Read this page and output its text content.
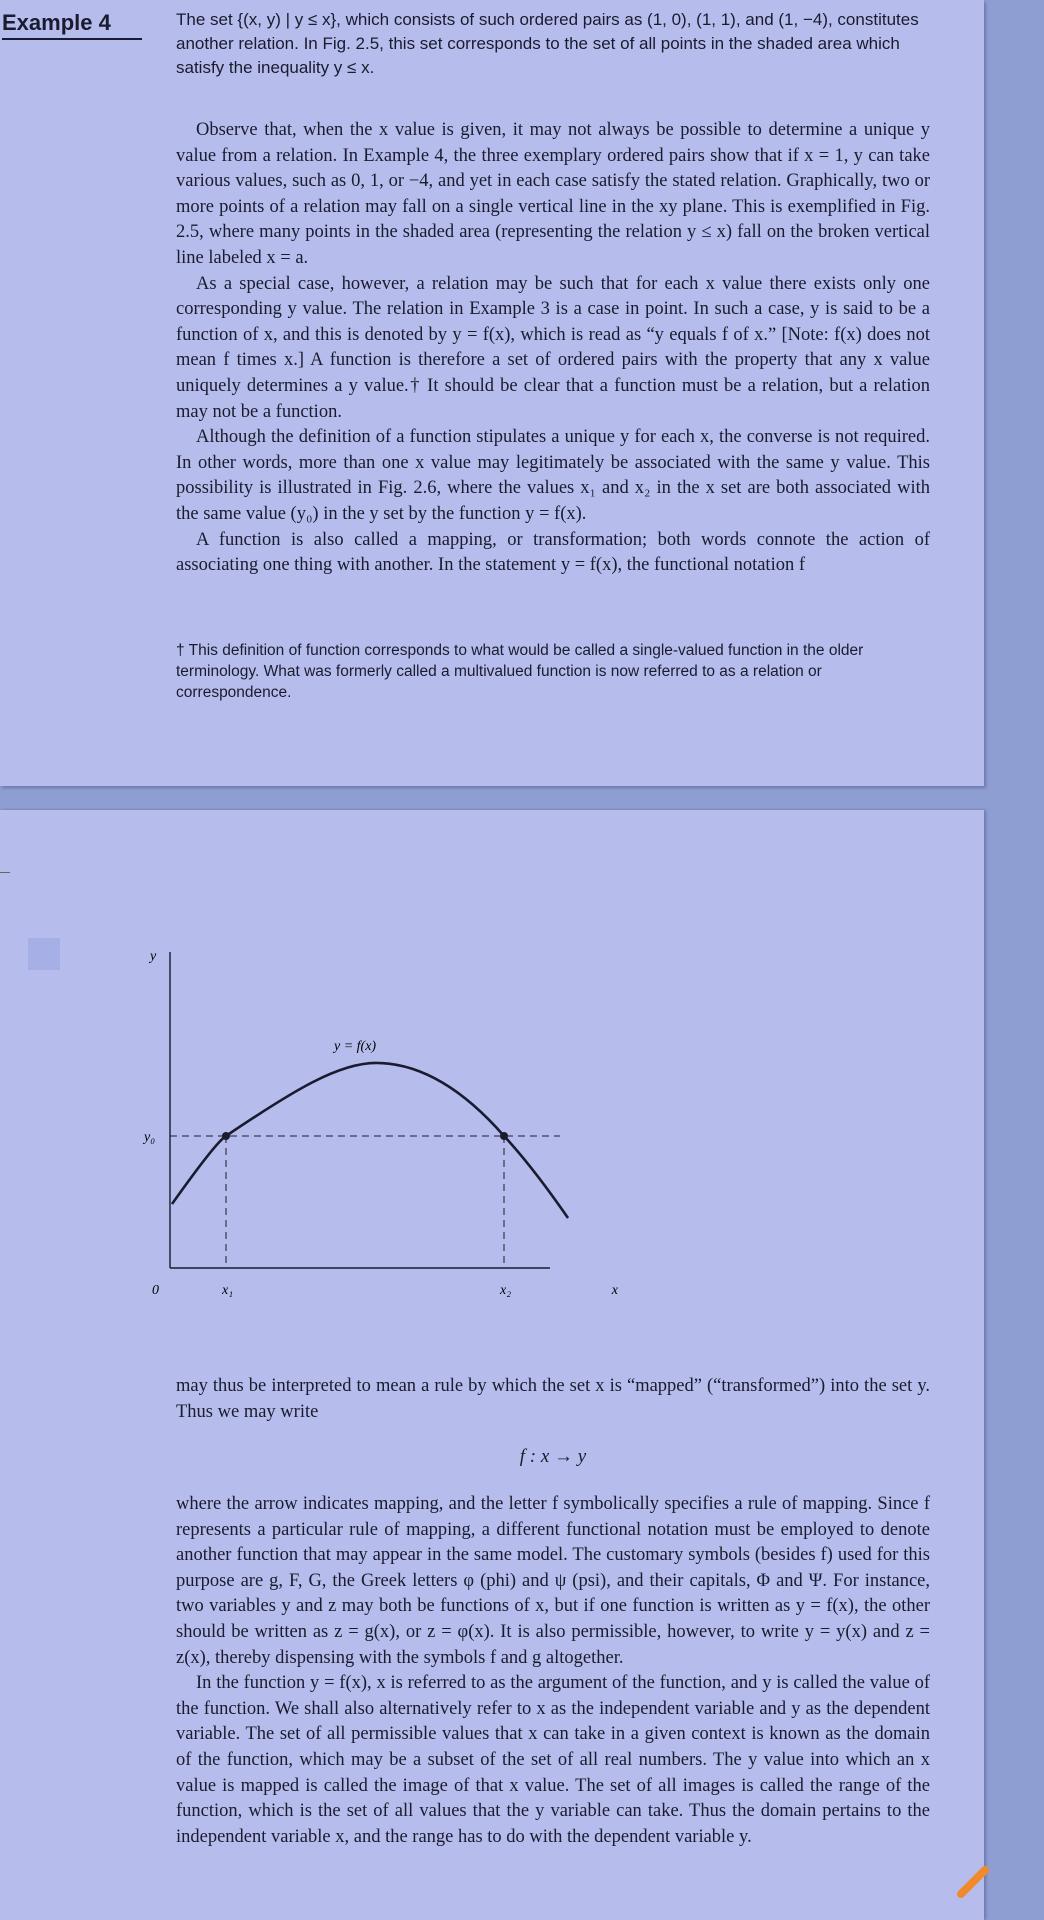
Example 4	The set {(x, y) | y ≤ x}, which consists of such ordered pairs as (1, 0), (1, 1), and (1, −4), constitutes another relation. In Fig. 2.5, this set corresponds to the set of all points in the shaded area which satisfy the inequality y ≤ x.

Observe that, when the x value is given, it may not always be possible to determine a unique y value from a relation. In Example 4, the three exemplary ordered pairs show that if x = 1, y can take various values, such as 0, 1, or −4, and yet in each case satisfy the stated relation. Graphically, two or more points of a relation may fall on a single vertical line in the xy plane. This is exemplified in Fig. 2.5, where many points in the shaded area (representing the relation y ≤ x) fall on the broken vertical line labeled x = a.

As a special case, however, a relation may be such that for each x value there exists only one corresponding y value. The relation in Example 3 is a case in point. In such a case, y is said to be a function of x, and this is denoted by y = f(x), which is read as “y equals f of x.” [Note: f(x) does not mean f times x.] A function is therefore a set of ordered pairs with the property that any x value uniquely determines a y value.† It should be clear that a function must be a relation, but a relation may not be a function.

Although the definition of a function stipulates a unique y for each x, the converse is not required. In other words, more than one x value may legitimately be associated with the same y value. This possibility is illustrated in Fig. 2.6, where the values x₁ and x₂ in the x set are both associated with the same value (y₀) in the y set by the function y = f(x).

A function is also called a mapping, or transformation; both words connote the action of associating one thing with another. In the statement y = f(x), the functional notation f

† This definition of function corresponds to what would be called a single-valued function in the older terminology. What was formerly called a multivalued function is now referred to as a relation or correspondence.

y
y₀
y = f(x)
0	x₁	x₂	x

may thus be interpreted to mean a rule by which the set x is “mapped” (“transformed”) into the set y. Thus we may write

f : x → y

where the arrow indicates mapping, and the letter f symbolically specifies a rule of mapping. Since f represents a particular rule of mapping, a different functional notation must be employed to denote another function that may appear in the same model. The customary symbols (besides f) used for this purpose are g, F, G, the Greek letters φ (phi) and ψ (psi), and their capitals, Φ and Ψ. For instance, two variables y and z may both be functions of x, but if one function is written as y = f(x), the other should be written as z = g(x), or z = φ(x). It is also permissible, however, to write y = y(x) and z = z(x), thereby dispensing with the symbols f and g altogether.

In the function y = f(x), x is referred to as the argument of the function, and y is called the value of the function. We shall also alternatively refer to x as the independent variable and y as the dependent variable. The set of all permissible values that x can take in a given context is known as the domain of the function, which may be a subset of the set of all real numbers. The y value into which an x value is mapped is called the image of that x value. The set of all images is called the range of the function, which is the set of all values that the y variable can take. Thus the domain pertains to the independent variable x, and the range has to do with the dependent variable y.
